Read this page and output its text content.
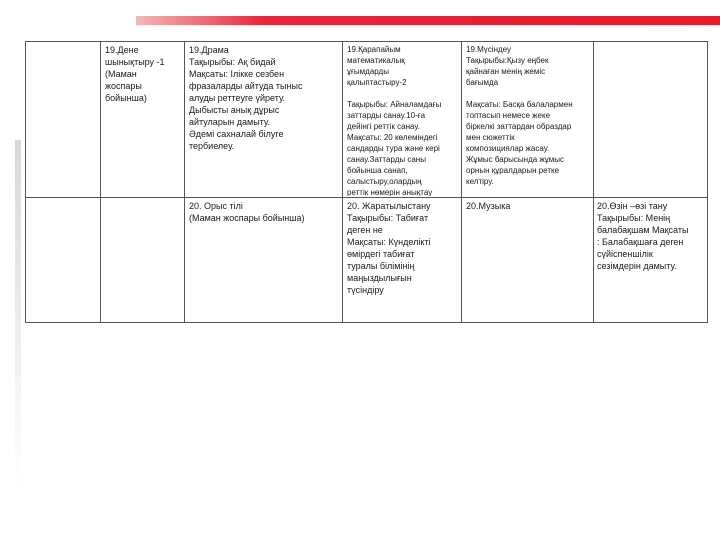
19.Дене
шынықтыру -1
(Маман
жоспары
бойынша)
19.Драма
Тақырыбы: Ақ бидай
Мақсаты: Ілікке сезбен
фразаларды айтуда тыныс
алуды реттеуге үйрету.
Дыбысты анық дұрыс
айтуларын дамыту.
Әдемі сахналай білуге
тербиелеу.
19.Қарапайым
математикалық
ұғымдарды
қалыптастыру-2

Тақырыбы: Айналамдағы
заттарды санау.10-ға
дейінгі реттік санау.
Мақсаты: 20 көлеміндегі
сандарды тура және кері
санау.Заттарды саны
бойынша санап,
салыстыру,олардың
реттік нөмерін анықтау
19.Мүсіндеу
Тақырыбы:Қызу еңбек
қайнаған менің жеміс
бағымда

Мақсаты: Басқа балалармен
топтасып немесе жеке
біркелкі заттардан образдар
мен сюжеттік
композициялар жасау.
Жұмыс барысында жұмыс
орнын құралдарын ретке
келтіру.
20. Орыс тілі
(Маман жоспары бойынша)
20. Жаратылыстану
Тақырыбы: Табиғат
деген не
Мақсаты: Күнделікті
өмірдегі табиғат
туралы білімінің
маңыздылығын
түсіндіру
20.Музыка	20.Өзін –өзі тану
Тақырыбы: Менің
балабақшам Мақсаты
: Балабақшаға деген
сүйіспеншілік
сезімдерін дамыту.
